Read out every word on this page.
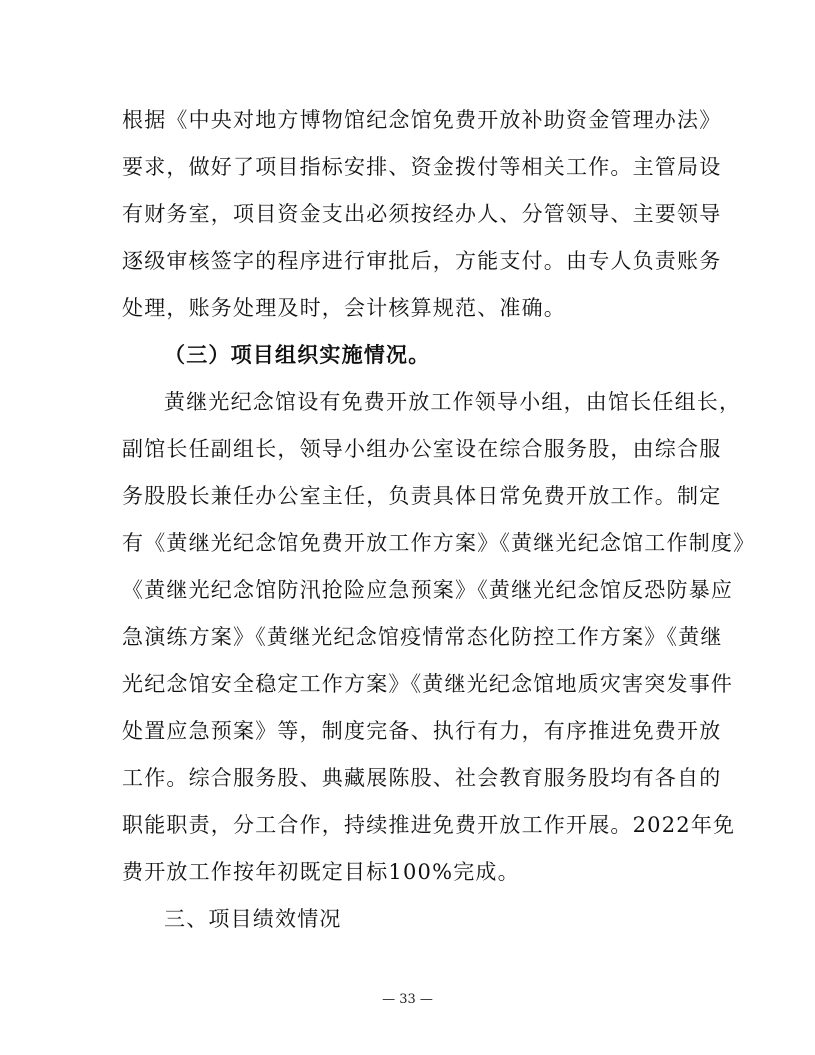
根据《中央对地方博物馆纪念馆免费开放补助资金管理办法》
要求，做好了项目指标安排、资金拨付等相关工作。主管局设
有财务室，项目资金支出必须按经办人、分管领导、主要领导
逐级审核签字的程序进行审批后，方能支付。由专人负责账务
处理，账务处理及时，会计核算规范、准确。
（三）项目组织实施情况。
黄继光纪念馆设有免费开放工作领导小组，由馆长任组长，
副馆长任副组长，领导小组办公室设在综合服务股，由综合服
务股股长兼任办公室主任，负责具体日常免费开放工作。制定
有《黄继光纪念馆免费开放工作方案》《黄继光纪念馆工作制度》
《黄继光纪念馆防汛抢险应急预案》《黄继光纪念馆反恐防暴应
急演练方案》《黄继光纪念馆疫情常态化防控工作方案》《黄继
光纪念馆安全稳定工作方案》《黄继光纪念馆地质灾害突发事件
处置应急预案》等，制度完备、执行有力，有序推进免费开放
工作。综合服务股、典藏展陈股、社会教育服务股均有各自的
职能职责，分工合作，持续推进免费开放工作开展。2022年免
费开放工作按年初既定目标100%完成。
三、项目绩效情况
— 33 —
